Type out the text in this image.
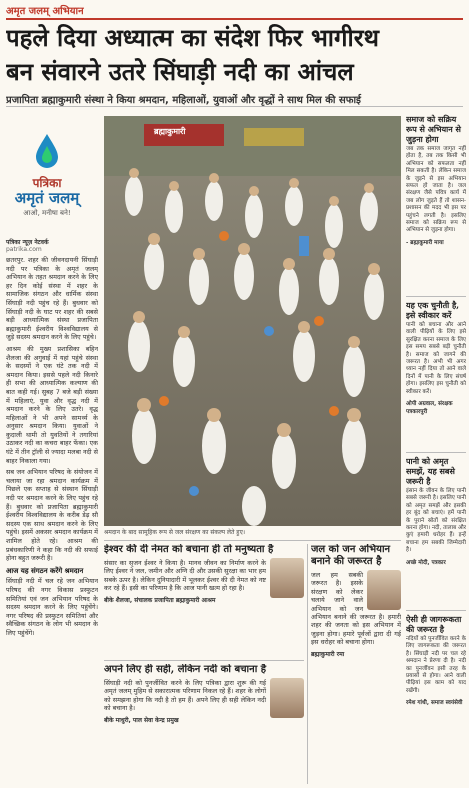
अमृत जलम् अभियान
पहले दिया अध्यात्म का संदेश फिर भागीरथ
बन संवारने उतरे सिंघाड़ी नदी का आंचल
प्रजापिता ब्रह्माकुमारी संस्था ने किया श्रमदान, महिलाओं, युवाओं और वृद्धों ने साथ मिल की सफाई
पत्रिका
अमृतं जलम्
आओ, मनीषा बने!
पत्रिका न्यूज़ नेटवर्क
patrika.com
छतरपुर. शहर की जीवनदायनी सिंघाड़ी नदी पर पत्रिका के अमृतं जलम् अभियान के तहत श्रमदान करने के लिए हर दिन कोई संस्था में शहर के सामाजिक संगठन और धार्मिक संस्था सिंघाड़ी नदी पहुंच रहे हैं। बुधवार को सिंघाड़ी नदी के घाट पर शहर की सबसे बड़ी आध्यात्मिक संस्था प्रजापिता ब्रह्माकुमारी ईश्वरीय विश्वविद्यालय से जुड़े सदस्य श्रमदान करने के लिए पहुंचे।
आश्रम की मुख्य प्रशासिका बहिन शैलजा की अगुवाई में यहां पहुंचे संस्था के सदस्यों ने एक घंटे तक नदी में श्रमदान किया। इससे पहले नदी किनारे ही सभा की आध्यात्मिक कल्याण की बात कही गई। सुबह 7 बजे बड़ी संख्या में महिलाएं, युवा और वृद्ध नदी में श्रमदान करने के लिए उतरे। वृद्ध महिलाओं ने भी अपने सामर्थ्य के अनुसार श्रमदान किया। युवाओं ने कुदाली थामी तो युवतियों ने तगारियां उठाकर नदी का कचरा बाहर फेंका। एक घंटे में तीन ट्रॉली से ज्यादा मलबा नदी से बाहर निकाला गया।
सब जन अभियान परिषद के संयोजन में चलाया जा रहा श्रमदान कार्यक्रम में पिछले एक सप्ताह से संस्थान सिंघाड़ी नदी पर श्रमदान करने के लिए पहुंच रहे हैं। बुधवार को प्रजापिता ब्रह्माकुमारी ईश्वरीय विश्वविद्यालय के करीब डेढ़ सौ सदस्य एक साथ श्रमदान करने के लिए पहुंचे। इसमें अकसर श्रमदान कार्यक्रम में शामिल होते रहे। आश्रम की प्रबंधकारिणी ने कहा कि नदी की सफाई होना बहुत जरूरी है।
आज यह संगठन करेंगे श्रमदान
सिंघाड़ी नदी में चल रहे जन अभियान परिषद की नगर विकास प्रस्फुटन समितियां एवं जन अभियान परिषद के सदस्य श्रमदान करने के लिए पहुंचेंगे। नगर परिषद की प्रस्फुटन समितियां और स्वैच्छिक संगठन के लोग भी श्रमदान के लिए पहुंचेंगे।
ब्रह्माकुमारी
श्रमदान के बाद सामूहिक रूप से जल संरक्षण का संकल्प लेते हुए।
समाज को सक्रिय रूप से अभियान से जुड़ना होगा
जब तक समाज जागृत नहीं होता है, तब तक किसी भी अभियान को सफलता नहीं मिल सकती है। लेकिन समाज के जुड़ने से इस अभियान सफल हो जाता है। जल संरक्षण जैसे पवित्र कार्य में जब लोग जुड़ते हैं तो शासन-प्रशासन की मदद भी इस पर पहुंचने लगती है। इसलिए समाज को सक्रिय रूप से अभियान से जुड़ना होगा।
- ब्रह्माकुमारी माया
यह एक चुनौती है, इसे स्वीकार करें
पानी को बचाना और आने वाली पीढ़ियों के लिए इसे सुरक्षित करना समाज के लिए इस समय सबसे बड़ी चुनौती है। समाज को जागने की जरूरत है। अभी भी अगर ध्यान नहीं दिया तो आने वाले दिनों में पानी के लिए संघर्ष होगा। इसलिए इस चुनौती को स्वीकार करें।
ओपी अग्रवाल, संरक्षक पत्रकारपुरी
पानी को अमृत समझें, यह सबसे जरूरी है
इंसान के जीवन के लिए पानी सबसे जरूरी है। इसलिए पानी को अमृत समझें और इसकी हर बूंद को बचाएं। हमें पानी के पुराने स्रोतों को संरक्षित करना होगा। नदी, तालाब और कुएं हमारी धरोहर हैं। इन्हें बचाना हम सबकी जिम्मेदारी है।
अच्छे मोदी, पत्रकार
ऐसी ही जागरूकता की जरूरत है
नदियों को पुनर्जीवित करने के लिए जागरूकता की जरूरत है। सिंघाड़ी नदी पर चल रहे श्रमदान ने प्रेरणा दी है। नदी का पुनर्जीवन इसी तरह के प्रयासों से होगा। आने वाली पीढ़ियां इस काम को याद रखेंगी।
रमेश गांधी, समाज स्वयंसेवी
ईश्वर की दी नेमत को बचाना ही तो मनुष्यता है
संसार का सृजन ईश्वर ने किया है। मानव जीवन का निर्माण करने के लिए ईश्वर ने जल, जमीन और अग्नि दी और उसकी सुरक्षा का भार हम सबके ऊपर है। लेकिन दुनियादारी में भूलकर ईश्वर की दी नेमत को नष्ट कर रहे हैं। इसी का परिणाम है कि आज पानी खत्म हो रहा है।
बीके शैलजा, संचालक प्रजापिता ब्रह्माकुमारी आश्रम
अपने लिए ही सही, लेकिन नदी को बचाना है
सिंघाड़ी नदी को पुनर्जीवित करने के लिए पत्रिका द्वारा शुरू की गई अमृतं जलम् मुहिम से सकारात्मक परिणाम निकल रहे हैं। शहर के लोगों को समझना होगा कि नदी है तो हम हैं। अपने लिए ही सही लेकिन नदी को बचाना है।
बीके माधुरी, पाल सेवा केन्द्र प्रमुख
जल को जन अभियान बनाने की जरूरत है
जल हम सबकी जरूरत है। इसके संरक्षण को लेकर चलाये जाने वाले अभियान को जन अभियान बनाने की जरूरत है। हमारी शहर की जनता को इस अभियान में जुड़ना होगा। हमारे पूर्वजों द्वारा दी गई इस धरोहर को बचाना होगा।
ब्रह्माकुमारी रमा
